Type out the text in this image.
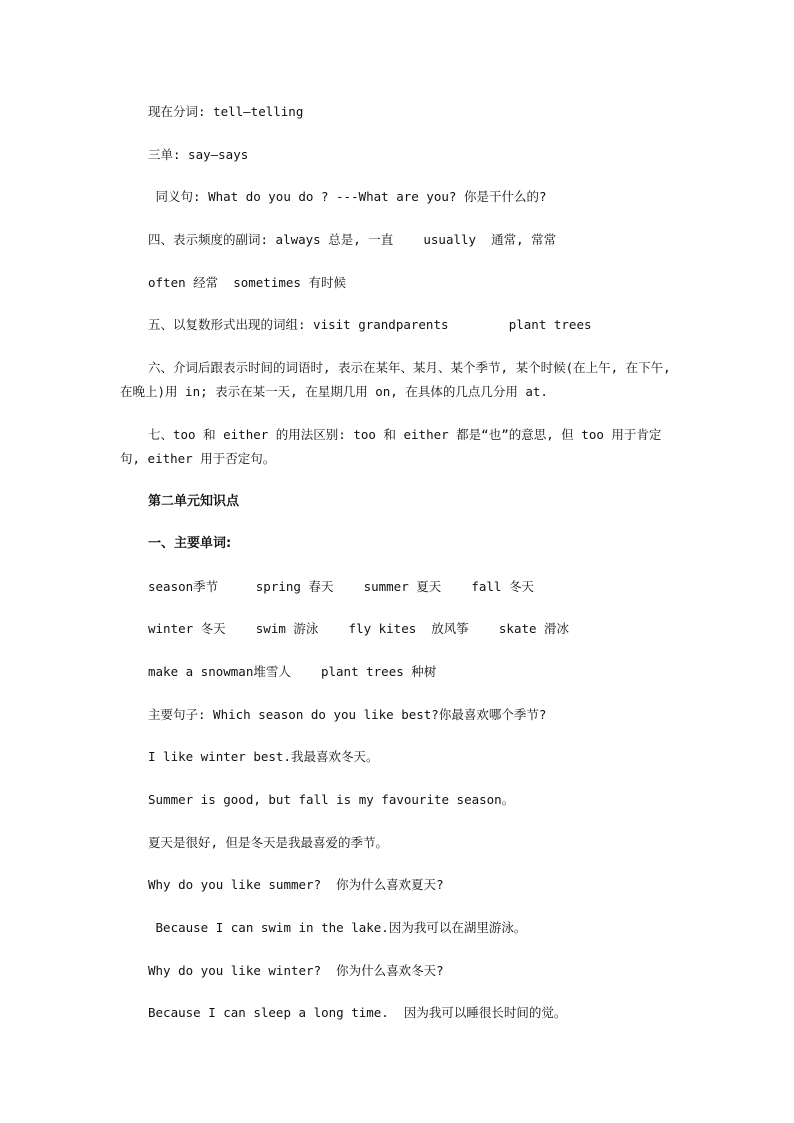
现在分词: tell—telling
三单: say—says
同义句: What do you do ? ---What are you? 你是干什么的?
四、表示频度的副词: always 总是, 一直    usually  通常, 常常
often 经常  sometimes 有时候
五、以复数形式出现的词组: visit grandparents        plant trees
六、介词后跟表示时间的词语时, 表示在某年、某月、某个季节, 某个时候(在上午, 在下午, 在晚上)用 in; 表示在某一天, 在星期几用 on, 在具体的几点几分用 at.
七、too 和 either 的用法区别: too 和 either 都是“也”的意思, 但 too 用于肯定句, either 用于否定句。
第二单元知识点
一、主要单词:
season季节     spring 春天    summer 夏天    fall 冬天
winter 冬天    swim 游泳    fly kites  放风筝    skate 滑冰
make a snowman堆雪人    plant trees 种树
主要句子: Which season do you like best?你最喜欢哪个季节?
I like winter best.我最喜欢冬天。
Summer is good, but fall is my favourite season。
夏天是很好, 但是冬天是我最喜爱的季节。
Why do you like summer?  你为什么喜欢夏天?
Because I can swim in the lake.因为我可以在湖里游泳。
Why do you like winter?  你为什么喜欢冬天?
Because I can sleep a long time.  因为我可以睡很长时间的觉。
